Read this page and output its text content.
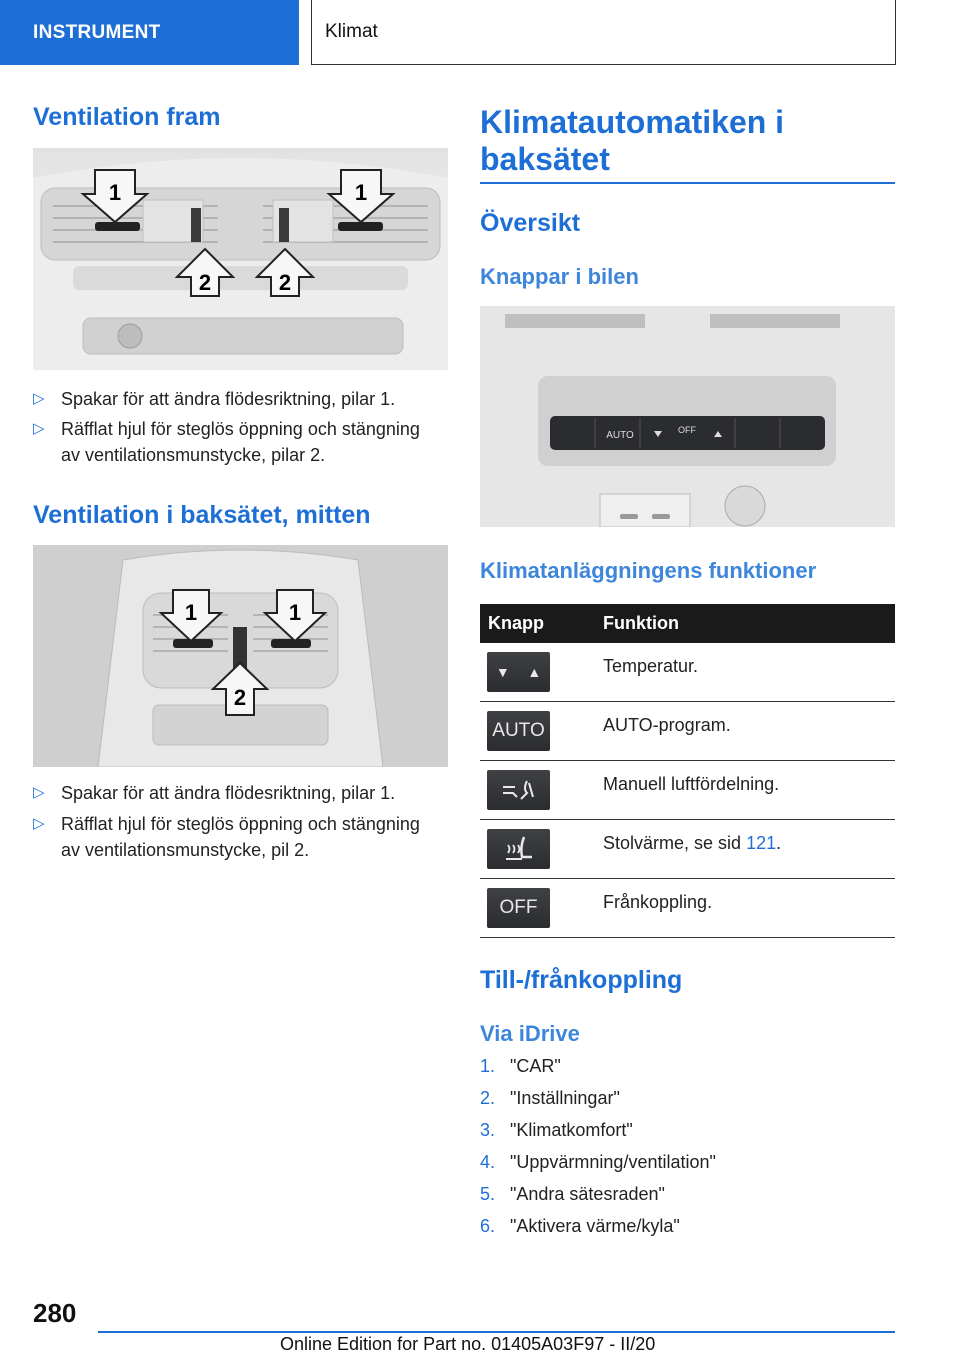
INSTRUMENT	Klimat
Ventilation fram
1	1
2	2
▷ Spakar för att ändra flödesriktning, pilar 1.
▷ Räfflat hjul för steglös öppning och stängning
av ventilationsmunstycke, pilar 2.
Ventilation i baksätet, mitten
1	1
2
▷ Spakar för att ändra flödesriktning, pilar 1.
▷ Räfflat hjul för steglös öppning och stängning
av ventilationsmunstycke, pil 2.
Klimatautomatiken i
baksätet
Översikt
Knappar i bilen
AUTO	OFF
Klimatanläggningens funktioner
Knapp	Funktion
▼ ▲	Temperatur.
AUTO	AUTO-program.
Manuell luftfördelning.
Stolvärme, se sid 121.
OFF	Frånkoppling.
Till-/frånkoppling
Via iDrive
1. "CAR"
2. "Inställningar"
3. "Klimatkomfort"
4. "Uppvärmning/ventilation"
5. "Andra sätesraden"
6. "Aktivera värme/kyla"
280
Online Edition for Part no. 01405A03F97 - II/20
